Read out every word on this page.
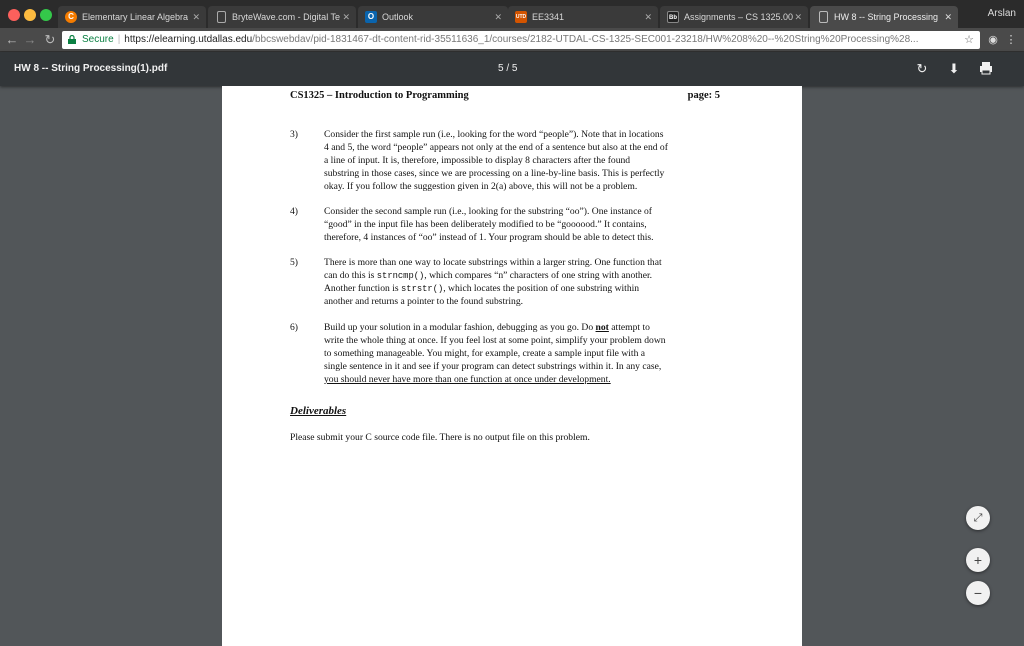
C Elementary Linear Algebra ✕	BryteWave.com - Digital Te ✕	O Outlook	✕	UTD EE3341	✕	Bb Assignments – CS 1325.00 ✕	HW 8 -- String Processing ✕	Arslan
← → ↻	Secure | https://elearning.utdallas.edu/bbcswebdav/pid-1831467-dt-content-rid-35511636_1/courses/2182-UTDAL-CS-1325-SEC001-23218/HW%208%20--%20String%20Processing%28...	☆ ◉ ⋮
HW 8 -- String Processing(1).pdf	5 / 5	↻ ⬇
CS1325 – Introduction to Programming	page: 5
3)	Consider the first sample run (i.e., looking for the word “people”). Note that in locations
4 and 5, the word “people” appears not only at the end of a sentence but also at the end of
a line of input. It is, therefore, impossible to display 8 characters after the found
substring in those cases, since we are processing on a line-by-line basis. This is perfectly
okay. If you follow the suggestion given in 2(a) above, this will not be a problem.
4)	Consider the second sample run (i.e., looking for the substring “oo”). One instance of
“good” in the input file has been deliberately modified to be “goooood.” It contains,
therefore, 4 instances of “oo” instead of 1. Your program should be able to detect this.
5)	There is more than one way to locate substrings within a larger string. One function that
can do this is strncmp(), which compares “n” characters of one string with another.
Another function is strstr(), which locates the position of one substring within
another and returns a pointer to the found substring.
6)	Build up your solution in a modular fashion, debugging as you go. Do not attempt to
write the whole thing at once. If you feel lost at some point, simplify your problem down
to something manageable. You might, for example, create a sample input file with a
single sentence in it and see if your program can detect substrings within it. In any case,
you should never have more than one function at once under development.
Deliverables
Please submit your C source code file. There is no output file on this problem.
⤢
+
−
